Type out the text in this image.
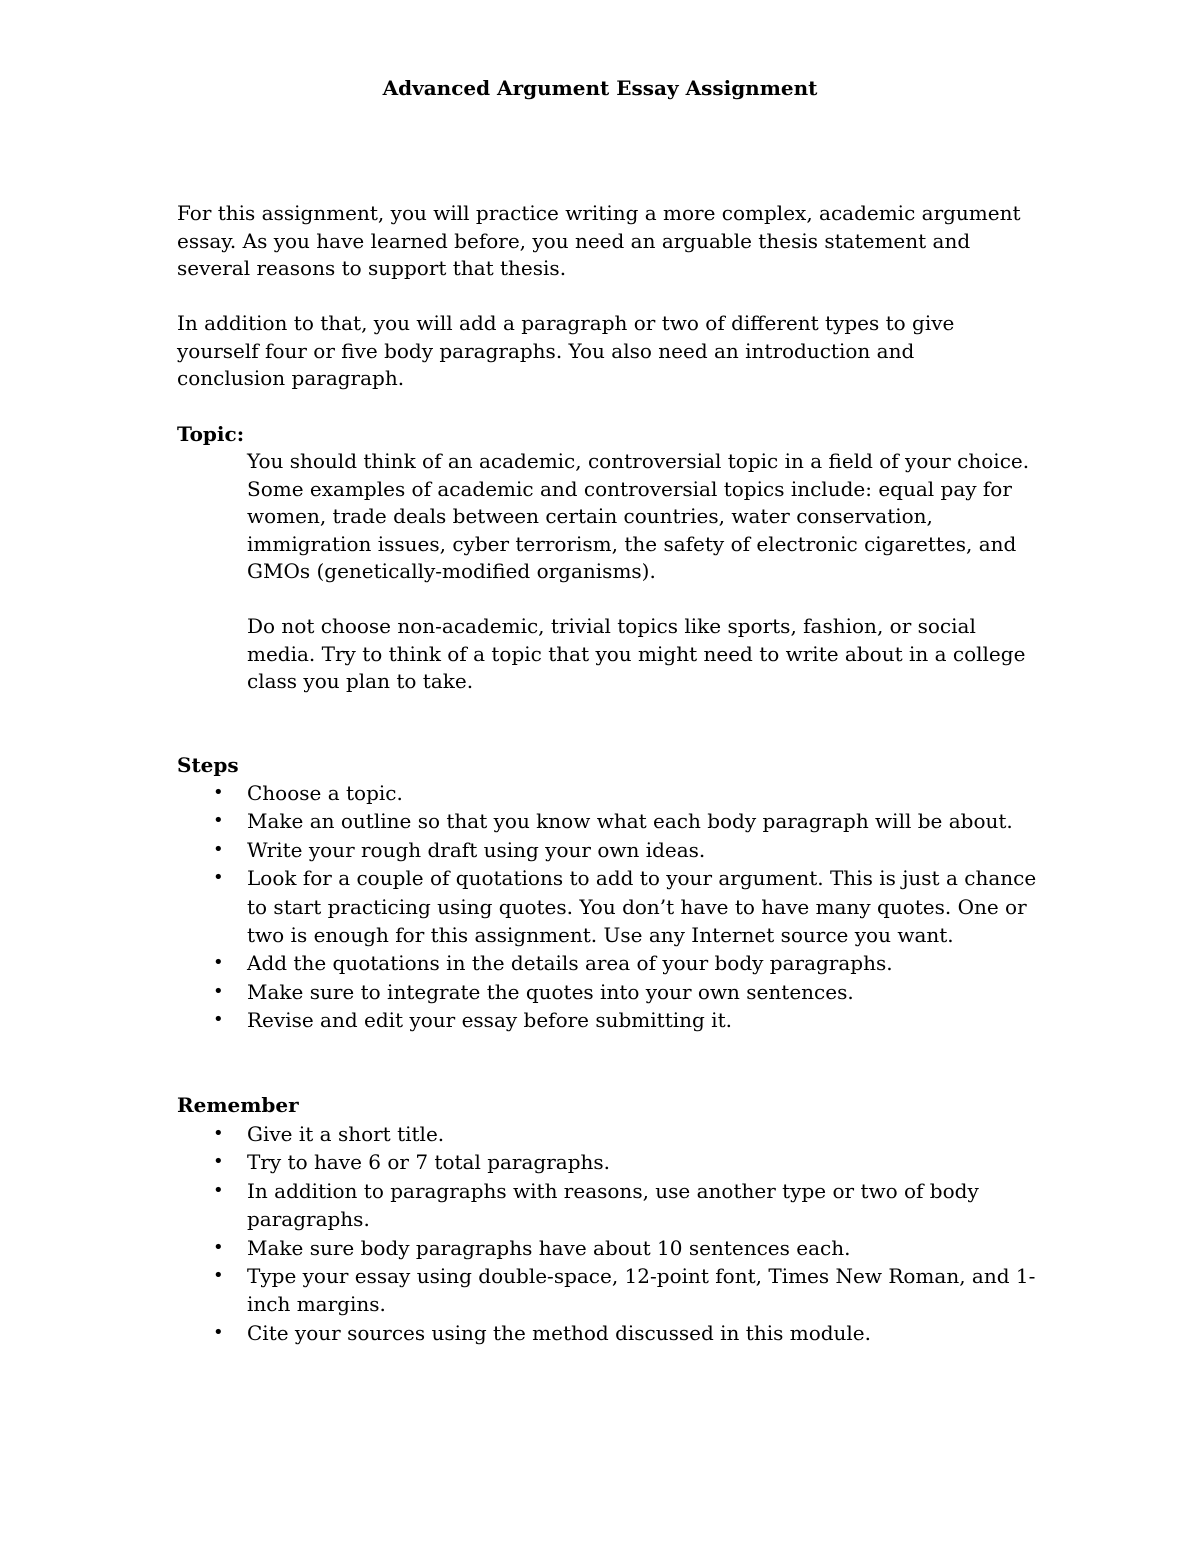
Advanced Argument Essay Assignment
For this assignment, you will practice writing a more complex, academic argument essay. As you have learned before, you need an arguable thesis statement and several reasons to support that thesis.
In addition to that, you will add a paragraph or two of different types to give yourself four or five body paragraphs. You also need an introduction and conclusion paragraph.
Topic:
You should think of an academic, controversial topic in a field of your choice. Some examples of academic and controversial topics include: equal pay for women, trade deals between certain countries, water conservation, immigration issues, cyber terrorism, the safety of electronic cigarettes, and GMOs (genetically-modified organisms).
Do not choose non-academic, trivial topics like sports, fashion, or social media. Try to think of a topic that you might need to write about in a college class you plan to take.
Steps
• Choose a topic.
• Make an outline so that you know what each body paragraph will be about.
• Write your rough draft using your own ideas.
• Look for a couple of quotations to add to your argument. This is just a chance to start practicing using quotes. You don’t have to have many quotes. One or two is enough for this assignment. Use any Internet source you want.
• Add the quotations in the details area of your body paragraphs.
• Make sure to integrate the quotes into your own sentences.
• Revise and edit your essay before submitting it.
Remember
• Give it a short title.
• Try to have 6 or 7 total paragraphs.
• In addition to paragraphs with reasons, use another type or two of body paragraphs.
• Make sure body paragraphs have about 10 sentences each.
• Type your essay using double-space, 12-point font, Times New Roman, and 1-inch margins.
• Cite your sources using the method discussed in this module.
